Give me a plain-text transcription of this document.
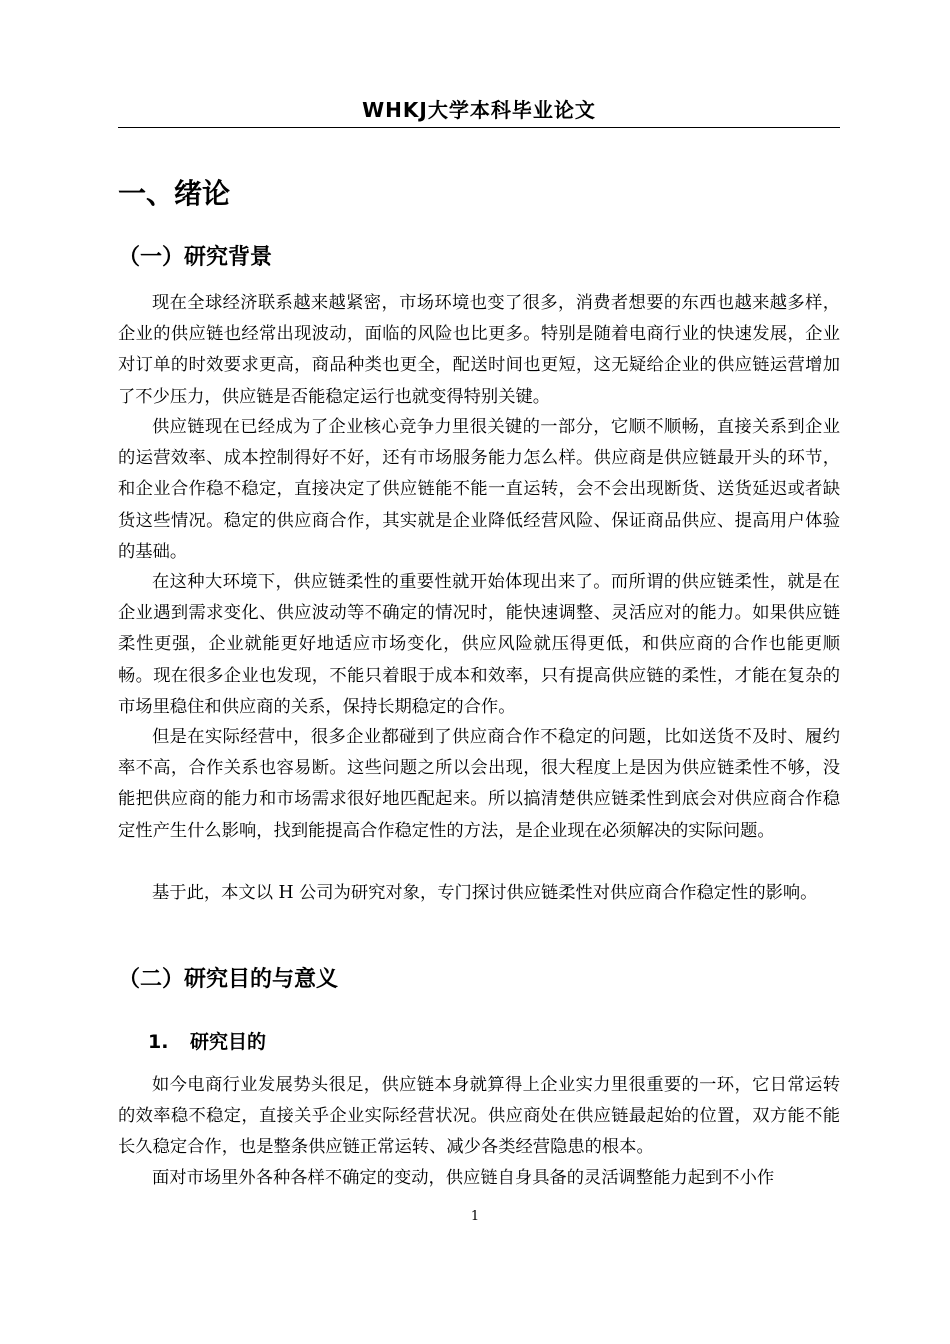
WHKJ大学本科毕业论文
一、绪论
（一）研究背景

现在全球经济联系越来越紧密，市场环境也变了很多，消费者想要的东西也越来越多样，企业的供应链也经常出现波动，面临的风险也比更多。特别是随着电商行业的快速发展，企业对订单的时效要求更高，商品种类也更全，配送时间也更短，这无疑给企业的供应链运营增加了不少压力，供应链是否能稳定运行也就变得特别关键。

供应链现在已经成为了企业核心竞争力里很关键的一部分，它顺不顺畅，直接关系到企业的运营效率、成本控制得好不好，还有市场服务能力怎么样。供应商是供应链最开头的环节，和企业合作稳不稳定，直接决定了供应链能不能一直运转，会不会出现断货、送货延迟或者缺货这些情况。稳定的供应商合作，其实就是企业降低经营风险、保证商品供应、提高用户体验的基础。

在这种大环境下，供应链柔性的重要性就开始体现出来了。而所谓的供应链柔性，就是在企业遇到需求变化、供应波动等不确定的情况时，能快速调整、灵活应对的能力。如果供应链柔性更强，企业就能更好地适应市场变化，供应风险就压得更低，和供应商的合作也能更顺畅。现在很多企业也发现，不能只着眼于成本和效率，只有提高供应链的柔性，才能在复杂的市场里稳住和供应商的关系，保持长期稳定的合作。

但是在实际经营中，很多企业都碰到了供应商合作不稳定的问题，比如送货不及时、履约率不高，合作关系也容易断。这些问题之所以会出现，很大程度上是因为供应链柔性不够，没能把供应商的能力和市场需求很好地匹配起来。所以搞清楚供应链柔性到底会对供应商合作稳定性产生什么影响，找到能提高合作稳定性的方法，是企业现在必须解决的实际问题。

基于此，本文以 H 公司为研究对象，专门探讨供应链柔性对供应商合作稳定性的影响。

（二）研究目的与意义
1. 研究目的

如今电商行业发展势头很足，供应链本身就算得上企业实力里很重要的一环，它日常运转的效率稳不稳定，直接关乎企业实际经营状况。供应商处在供应链最起始的位置，双方能不能长久稳定合作，也是整条供应链正常运转、减少各类经营隐患的根本。

面对市场里外各种各样不确定的变动，供应链自身具备的灵活调整能力起到不小作

1
